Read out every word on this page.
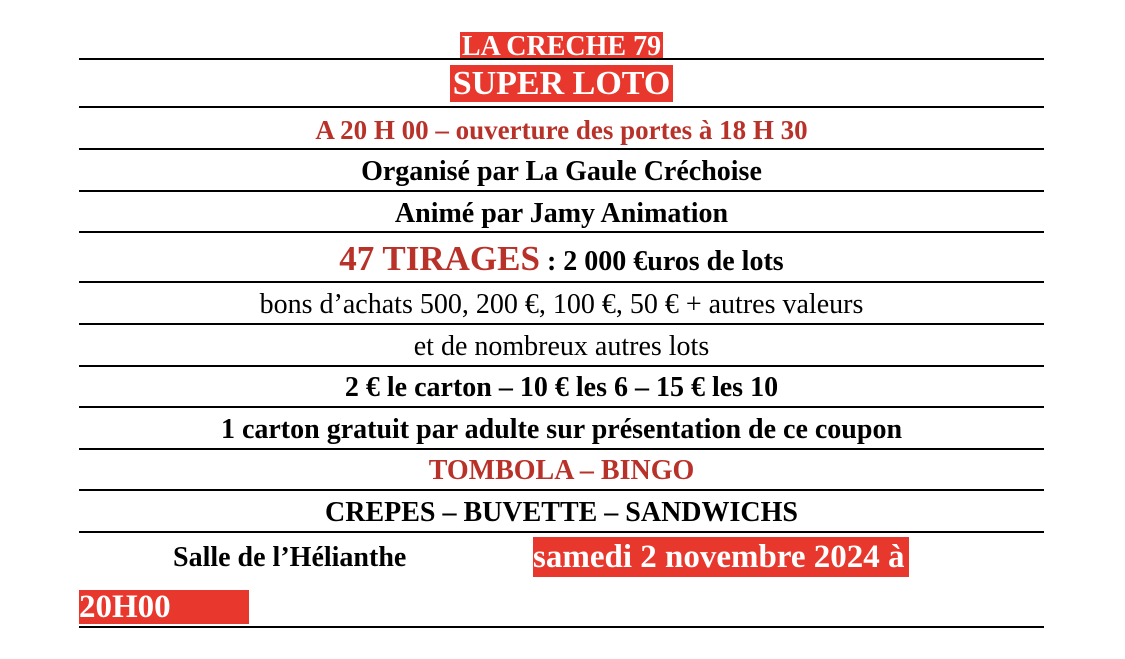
LA CRECHE 79
SUPER LOTO
A 20 H 00 – ouverture des portes à 18 H 30
Organisé par La Gaule Créchoise
Animé par Jamy Animation
47 TIRAGES : 2 000 €uros de lots
bons d’achats 500, 200 €, 100 €, 50 € + autres valeurs
et de nombreux autres lots
2 € le carton – 10 € les 6 – 15 € les 10
1 carton gratuit par adulte sur présentation de ce coupon
TOMBOLA – BINGO
CREPES – BUVETTE – SANDWICHS
Salle de l’Hélianthe	samedi 2 novembre 2024 à
20H00
